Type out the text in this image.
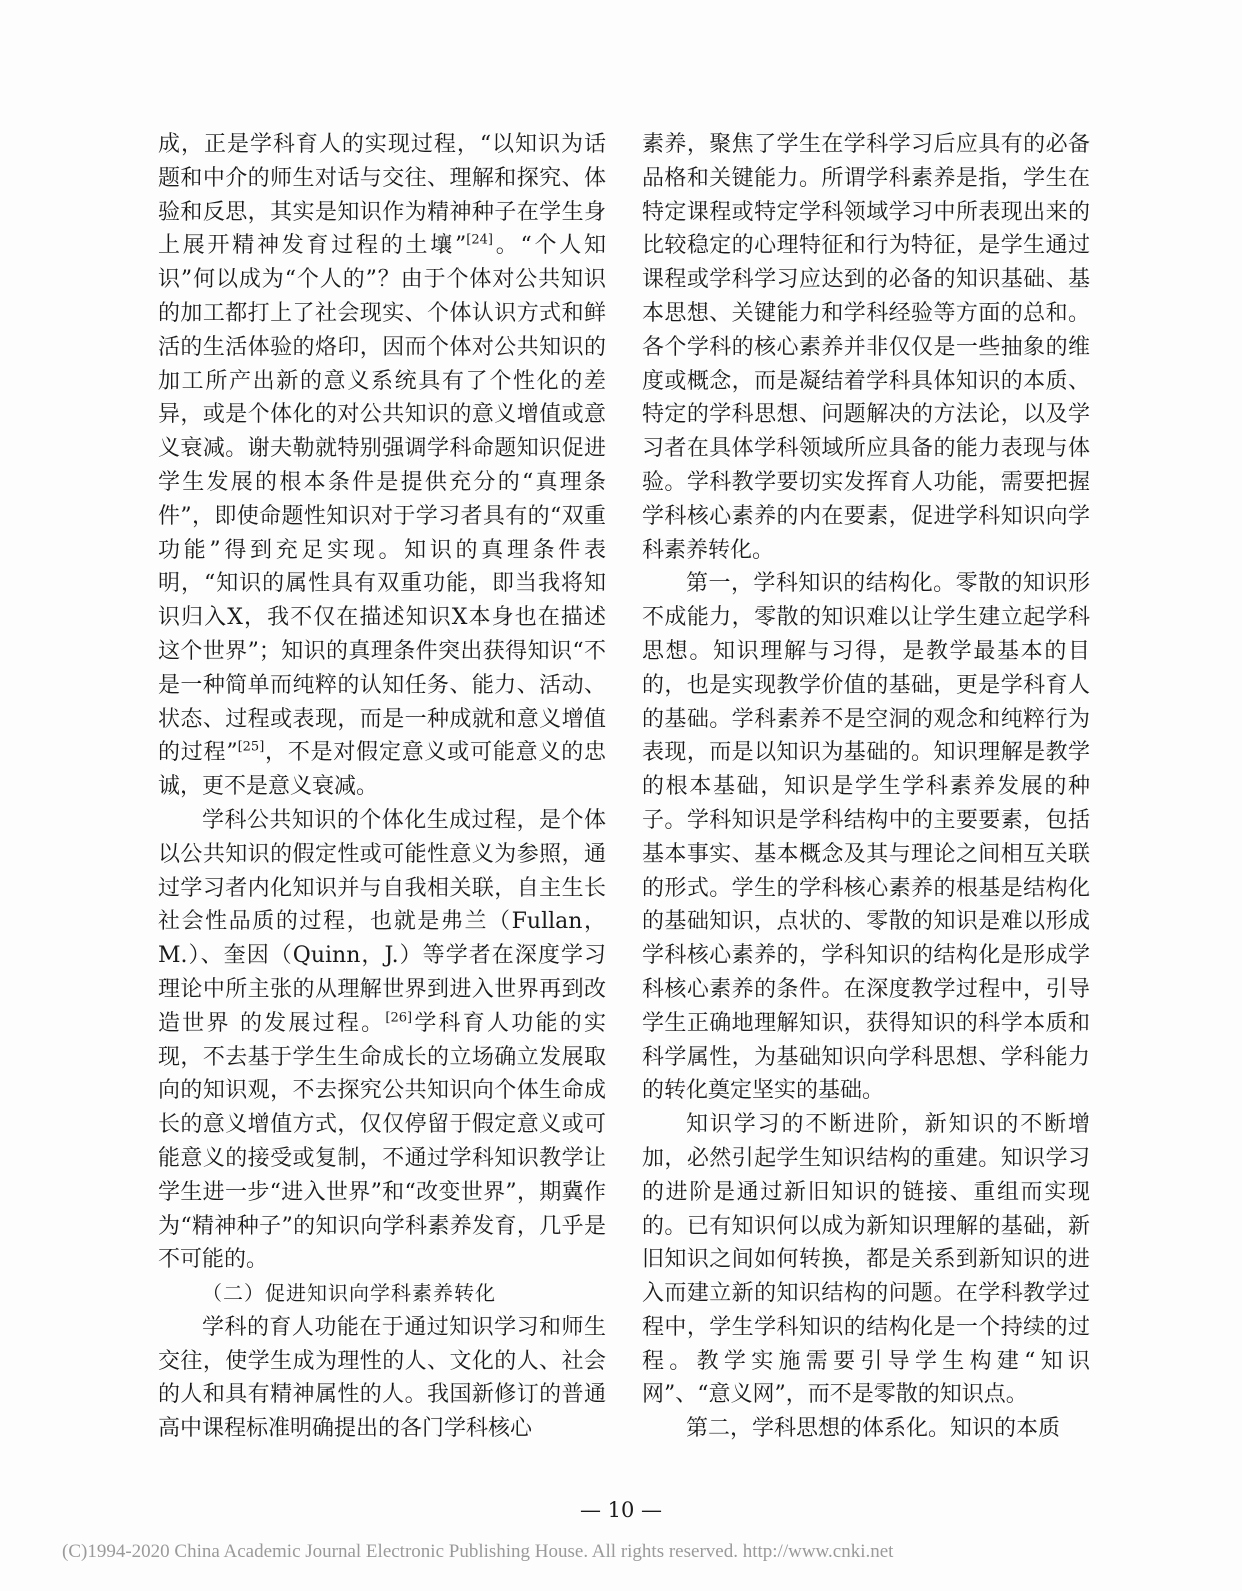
成，正是学科育人的实现过程，“以知识为话题和中介的师生对话与交往、理解和探究、体验和反思，其实是知识作为精神种子在学生身上展开精神发育过程的土壤”[24]。“个人知识”何以成为“个人的”？由于个体对公共知识的加工都打上了社会现实、个体认识方式和鲜活的生活体验的烙印，因而个体对公共知识的加工所产出新的意义系统具有了个性化的差异，或是个体化的对公共知识的意义增值或意义衰减。谢夫勒就特别强调学科命题知识促进学生发展的根本条件是提供充分的“真理条件”，即使命题性知识对于学习者具有的“双重功能”得到充足实现。知识的真理条件表明，“知识的属性具有双重功能，即当我将知识归入X，我不仅在描述知识X本身也在描述这个世界”；知识的真理条件突出获得知识“不是一种简单而纯粹的认知任务、能力、活动、状态、过程或表现，而是一种成就和意义增值的过程”[25]，不是对假定意义或可能意义的忠诚，更不是意义衰减。

学科公共知识的个体化生成过程，是个体以公共知识的假定性或可能性意义为参照，通过学习者内化知识并与自我相关联，自主生长社会性品质的过程，也就是弗兰（Fullan，M.）、奎因（Quinn，J.）等学者在深度学习理论中所主张的从理解世界到进入世界再到改造世界 的发展过程。[26]学科育人功能的实现，不去基于学生生命成长的立场确立发展取向的知识观，不去探究公共知识向个体生命成长的意义增值方式，仅仅停留于假定意义或可能意义的接受或复制，不通过学科知识教学让学生进一步“进入世界”和“改变世界”，期冀作为“精神种子”的知识向学科素养发育，几乎是不可能的。

（二）促进知识向学科素养转化

学科的育人功能在于通过知识学习和师生交往，使学生成为理性的人、文化的人、社会的人和具有精神属性的人。我国新修订的普通高中课程标准明确提出的各门学科核心

素养，聚焦了学生在学科学习后应具有的必备品格和关键能力。所谓学科素养是指，学生在特定课程或特定学科领域学习中所表现出来的比较稳定的心理特征和行为特征，是学生通过课程或学科学习应达到的必备的知识基础、基本思想、关键能力和学科经验等方面的总和。各个学科的核心素养并非仅仅是一些抽象的维度或概念，而是凝结着学科具体知识的本质、特定的学科思想、问题解决的方法论，以及学习者在具体学科领域所应具备的能力表现与体验。学科教学要切实发挥育人功能，需要把握学科核心素养的内在要素，促进学科知识向学科素养转化。

第一，学科知识的结构化。零散的知识形不成能力，零散的知识难以让学生建立起学科思想。知识理解与习得，是教学最基本的目的，也是实现教学价值的基础，更是学科育人的基础。学科素养不是空洞的观念和纯粹行为表现，而是以知识为基础的。知识理解是教学的根本基础，知识是学生学科素养发展的种子。学科知识是学科结构中的主要要素，包括基本事实、基本概念及其与理论之间相互关联的形式。学生的学科核心素养的根基是结构化的基础知识，点状的、零散的知识是难以形成学科核心素养的，学科知识的结构化是形成学科核心素养的条件。在深度教学过程中，引导学生正确地理解知识，获得知识的科学本质和科学属性，为基础知识向学科思想、学科能力的转化奠定坚实的基础。

知识学习的不断进阶，新知识的不断增加，必然引起学生知识结构的重建。知识学习的进阶是通过新旧知识的链接、重组而实现的。已有知识何以成为新知识理解的基础，新旧知识之间如何转换，都是关系到新知识的进入而建立新的知识结构的问题。在学科教学过程中，学生学科知识的结构化是一个持续的过程。教学实施需要引导学生构建“知识网”、“意义网”，而不是零散的知识点。

第二，学科思想的体系化。知识的本质

— 10 —
(C)1994-2020 China Academic Journal Electronic Publishing House. All rights reserved. http://www.cnki.net
